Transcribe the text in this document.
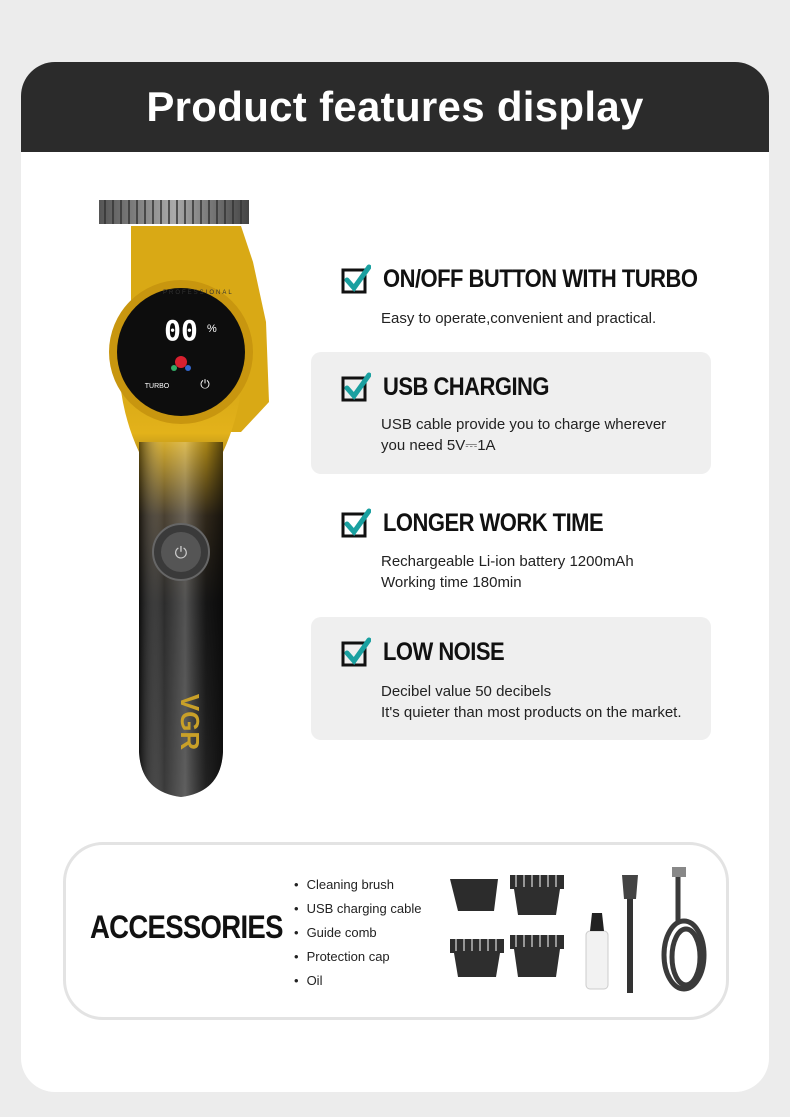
Product features display
00 %
TURBO	⏻
PROFESSIONAL
⏻
VGR
ON/OFF BUTTON WITH TURBO
Easy to operate,convenient and practical.
USB CHARGING
USB cable provide you to charge wherever
you need 5V⎓1A
LONGER WORK TIME
Rechargeable Li-ion battery 1200mAh
Working time 180min
LOW NOISE
Decibel value 50 decibels
It's quieter than most products on the market.
ACCESSORIES
• Cleaning brush
• USB charging cable
• Guide comb
• Protection cap
• Oil
